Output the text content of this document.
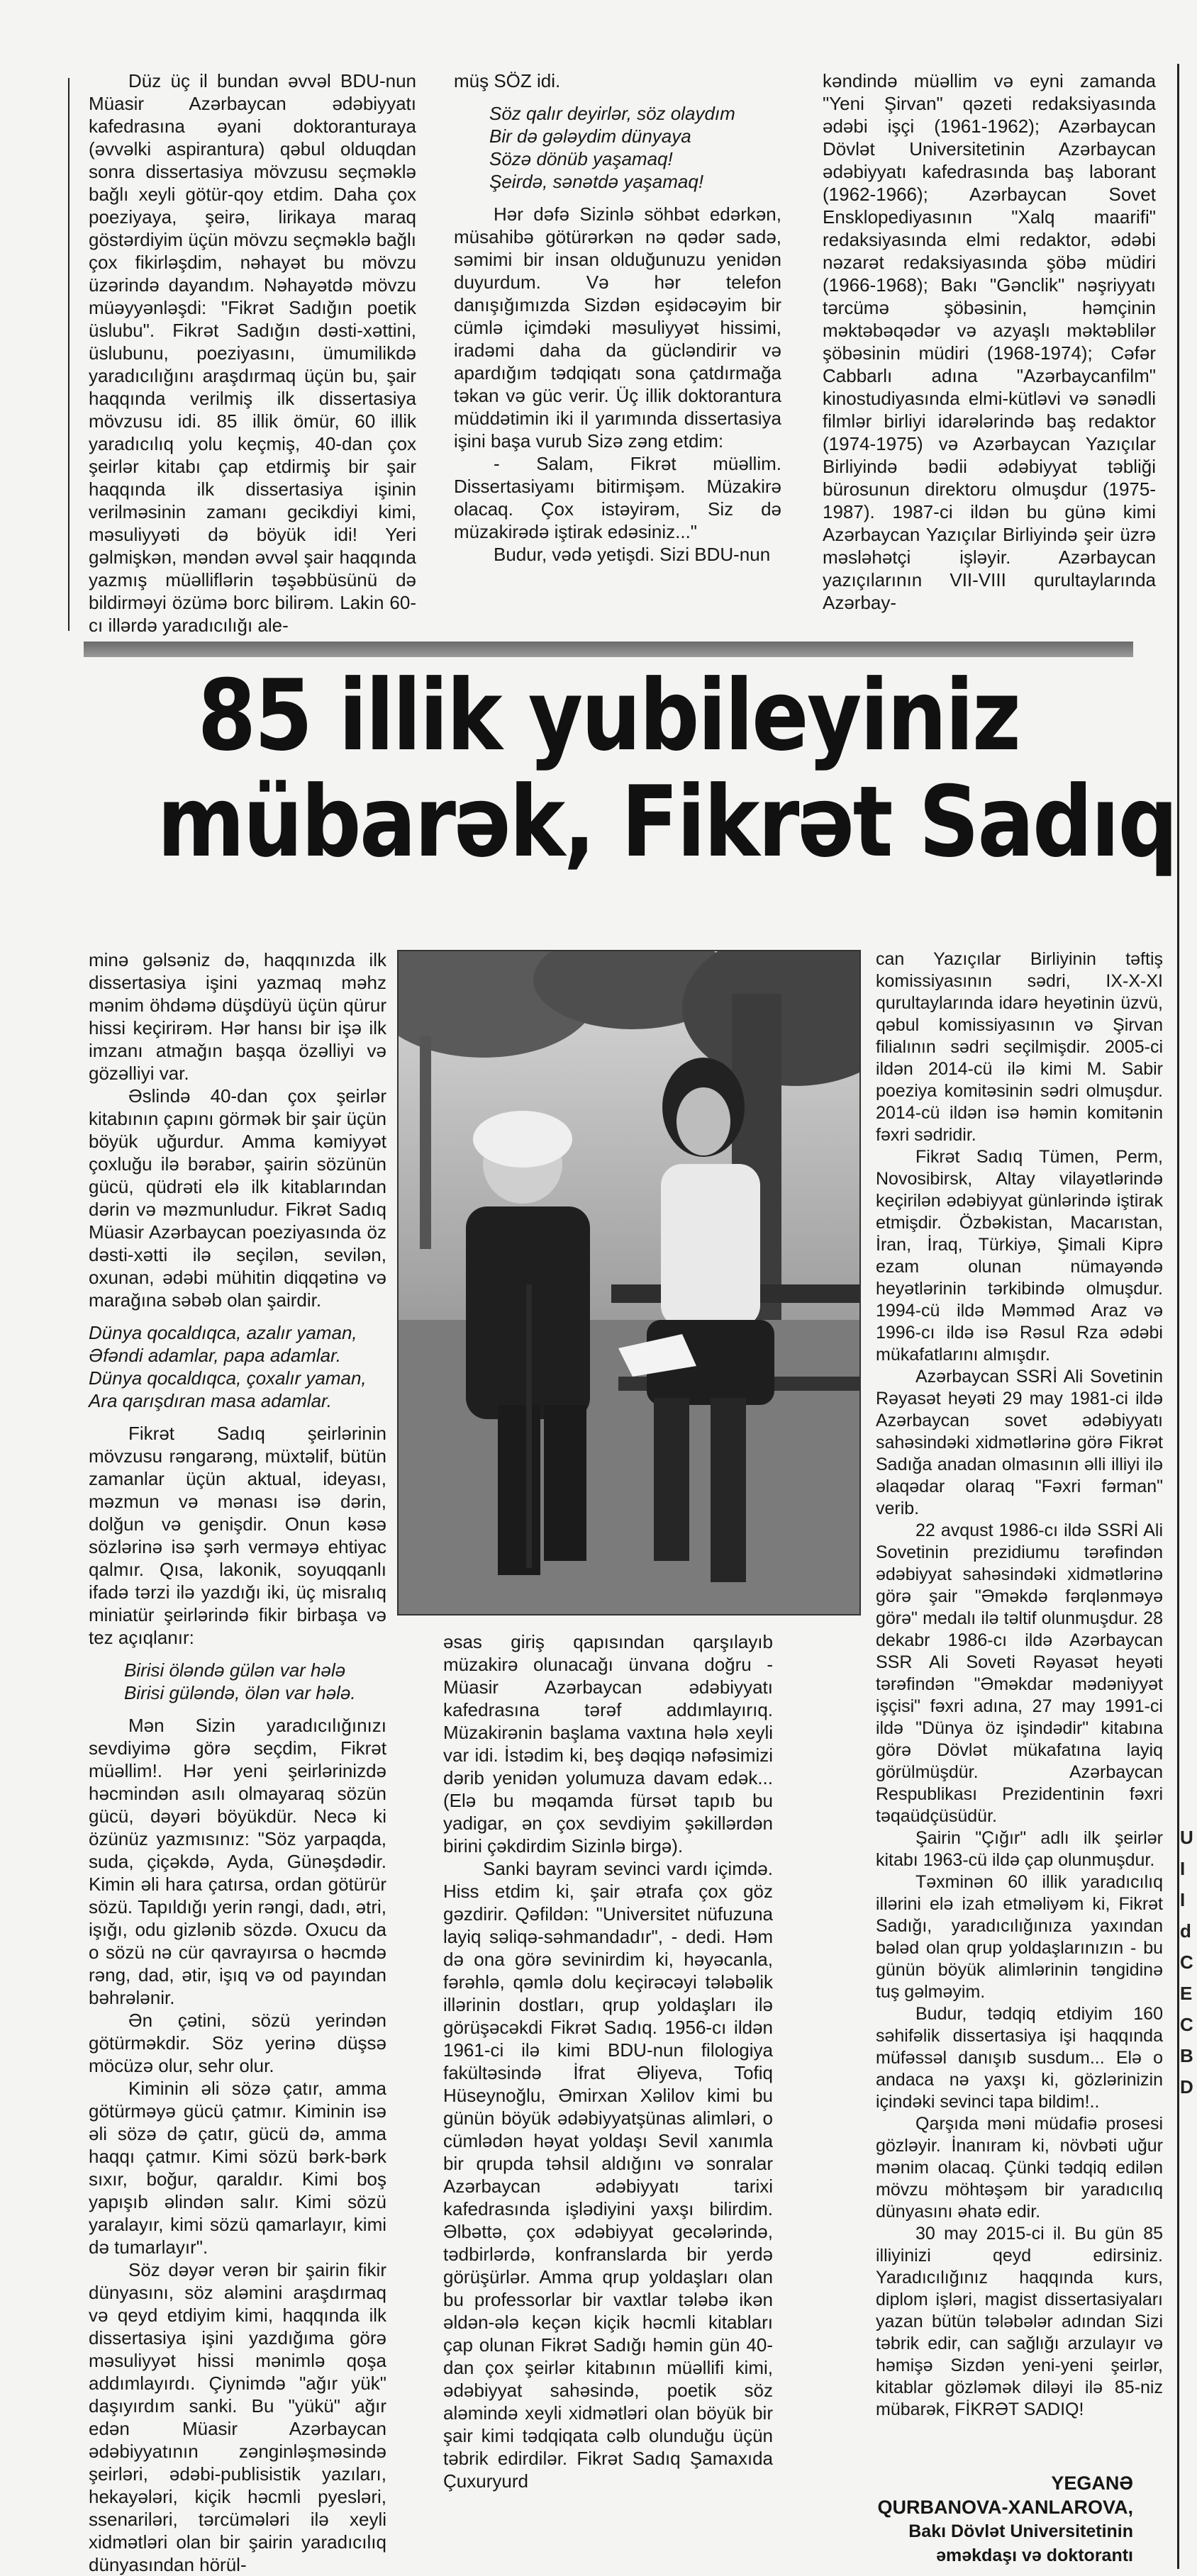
Düz üç il bundan əvvəl BDU-nun Müasir Azərbaycan ədəbiyyatı kafedrasına əyani doktoranturaya (əvvəlki aspirantura) qəbul olduqdan sonra dissertasiya mövzusu seçməklə bağlı xeyli götür-qoy etdim. Daha çox poeziyaya, şeirə, lirikaya maraq göstərdiyim üçün mövzu seçməklə bağlı çox fikirləşdim, nəhayət bu mövzu üzərində dayandım. Nəhayətdə mövzu müəyyənləşdi: "Fikrət Sadığın poetik üslubu". Fikrət Sadığın dəsti-xəttini, üslubunu, poeziyasını, ümumilikdə yaradıcılığını araşdırmaq üçün bu, şair haqqında verilmiş ilk dissertasiya mövzusu idi. 85 illik ömür, 60 illik yaradıcılıq yolu keçmiş, 40-dan çox şeirlər kitabı çap etdirmiş bir şair haqqında ilk dissertasiya işinin verilməsinin zamanı gecikdiyi kimi, məsuliyyəti də böyük idi! Yeri gəlmişkən, məndən əvvəl şair haqqında yazmış müəlliflərin təşəbbüsünü də bildirməyi özümə borc bilirəm. Lakin 60-cı illərdə yaradıcılığı ale-

müş SÖZ idi.

Söz qalır deyirlər, söz olaydım

Bir də gələydim dünyaya

Sözə dönüb yaşamaq!

Şeirdə, sənətdə yaşamaq!

Hər dəfə Sizinlə söhbət edərkən, müsahibə götürərkən nə qədər sadə, səmimi bir insan olduğunuzu yenidən duyurdum. Və hər telefon danışığımızda Sizdən eşidəcəyim bir cümlə içimdəki məsuliyyət hissimi, iradəmi daha da gücləndirir və apardığım tədqiqatı sona çatdırmağa təkan və güc verir. Üç illik doktorantura müddətimin iki il yarımında dissertasiya işini başa vurub Sizə zəng etdim:

- Salam, Fikrət müəllim. Dissertasiyamı bitirmişəm. Müzakirə olacaq. Çox istəyirəm, Siz də müzakirədə iştirak edəsiniz..."

Budur, vədə yetişdi. Sizi BDU-nun

kəndində müəllim və eyni zamanda "Yeni Şirvan" qəzeti redaksiyasında ədəbi işçi (1961-1962); Azərbaycan Dövlət Universitetinin Azərbaycan ədəbiyyatı kafedrasında baş laborant (1962-1966); Azərbaycan Sovet Ensklopediyasının "Xalq maarifi" redaksiyasında elmi redaktor, ədəbi nəzarət redaksiyasında şöbə müdiri (1966-1968); Bakı "Gənclik" nəşriyyatı tərcümə şöbəsinin, həmçinin məktəbəqədər və azyaşlı məktəblilər şöbəsinin müdiri (1968-1974); Cəfər Cabbarlı adına "Azərbaycanfilm" kinostudiyasında elmi-kütləvi və sənədli filmlər birliyi idarələrində baş redaktor (1974-1975) və Azərbaycan Yazıçılar Birliyində bədii ədəbiyyat təbliği bürosunun direktoru olmuşdur (1975-1987). 1987-ci ildən bu günə kimi Azərbaycan Yazıçılar Birliyində şeir üzrə məsləhətçi işləyir. Azərbaycan yazıçılarının VII-VIII qurultaylarında Azərbay-

85 illik yubileyiniz
mübarək, Fikrət Sadıq

minə gəlsəniz də, haqqınızda ilk dissertasiya işini yazmaq məhz mənim öhdəmə düşdüyü üçün qürur hissi keçirirəm. Hər hansı bir işə ilk imzanı atmağın başqa özəlliyi və gözəlliyi var.

Əslində 40-dan çox şeirlər kitabının çapını görmək bir şair üçün böyük uğurdur. Amma kəmiyyət çoxluğu ilə bərabər, şairin sözünün gücü, qüdrəti elə ilk kitablarından dərin və məzmunludur. Fikrət Sadıq Müasir Azərbaycan poeziyasında öz dəsti-xətti ilə seçilən, sevilən, oxunan, ədəbi mühitin diqqətinə və marağına səbəb olan şairdir.

Dünya qocaldıqca, azalır yaman,

Əfəndi adamlar, papa adamlar.

Dünya qocaldıqca, çoxalır yaman,

Ara qarışdıran masa adamlar.

Fikrət Sadıq şeirlərinin mövzusu rəngarəng, müxtəlif, bütün zamanlar üçün aktual, ideyası, məzmun və mənası isə dərin, dolğun və genişdir. Onun kəsə sözlərinə isə şərh verməyə ehtiyac qalmır. Qısa, lakonik, soyuqqanlı ifadə tərzi ilə yazdığı iki, üç misralıq miniatür şeirlərində fikir birbaşa və tez açıqlanır:

Birisi öləndə gülən var hələ

Birisi güləndə, ölən var hələ.

Mən Sizin yaradıcılığınızı sevdiyimə görə seçdim, Fikrət müəllim!. Hər yeni şeirlərinizdə həcmindən asılı olmayaraq sözün gücü, dəyəri böyükdür. Necə ki özünüz yazmısınız: "Söz yarpaqda, suda, çiçəkdə, Ayda, Günəşdədir. Kimin əli hara çatırsa, ordan götürür sözü. Tapıldığı yerin rəngi, dadı, ətri, işığı, odu gizlənib sözdə. Oxucu da o sözü nə cür qavrayırsa o həcmdə rəng, dad, ətir, işıq və od payından bəhrələnir.

Ən çətini, sözü yerindən götürməkdir. Söz yerinə düşsə möcüzə olur, sehr olur.

Kiminin əli sözə çatır, amma götürməyə gücü çatmır. Kiminin isə əli sözə də çatır, gücü də, amma haqqı çatmır. Kimi sözü bərk-bərk sıxır, boğur, qaraldır. Kimi boş yapışıb əlindən salır. Kimi sözü yaralayır, kimi sözü qamarlayır, kimi də tumarlayır".

Söz dəyər verən bir şairin fikir dünyasını, söz aləmini araşdırmaq və qeyd etdiyim kimi, haqqında ilk dissertasiya işini yazdığıma görə məsuliyyət hissi mənimlə qoşa addımlayırdı. Çiynimdə "ağır yük" daşıyırdım sanki. Bu "yükü" ağır edən Müasir Azərbaycan ədəbiyyatının zənginləşməsində şeirləri, ədəbi-publisistik yazıları, hekayələri, kiçik həcmli pyesləri, ssenariləri, tərcümələri ilə xeyli xidmətləri olan bir şairin yaradıcılıq dünyasından hörül-

əsas giriş qapısından qarşılayıb müzakirə olunacağı ünvana doğru - Müasir Azərbaycan ədəbiyyatı kafedrasına tərəf addımlayırıq. Müzakirənin başlama vaxtına hələ xeyli var idi. İstədim ki, beş dəqiqə nəfəsimizi dərib yenidən yolumuza davam edək... (Elə bu məqamda fürsət tapıb bu yadigar, ən çox sevdiyim şəkillərdən birini çəkdirdim Sizinlə birgə).

Sanki bayram sevinci vardı içimdə. Hiss etdim ki, şair ətrafa çox göz gəzdirir. Qəfildən: "Universitet nüfuzuna layiq səliqə-səhmandadır", - dedi. Həm də ona görə sevinirdim ki, həyəcanla, fərəhlə, qəmlə dolu keçirəcəyi tələbəlik illərinin dostları, qrup yoldaşları ilə görüşəcəkdi Fikrət Sadıq. 1956-cı ildən 1961-ci ilə kimi BDU-nun filologiya fakültəsində İfrat Əliyeva, Tofiq Hüseynoğlu, Əmirxan Xəlilov kimi bu günün böyük ədəbiyyatşünas alimləri, o cümlədən həyat yoldaşı Sevil xanımla bir qrupda təhsil aldığını və sonralar Azərbaycan ədəbiyyatı tarixi kafedrasında işlədiyini yaxşı bilirdim. Əlbəttə, çox ədəbiyyat gecələrində, tədbirlərdə, konfranslarda bir yerdə görüşürlər. Amma qrup yoldaşları olan bu professorlar bir vaxtlar tələbə ikən əldən-ələ keçən kiçik həcmli kitabları çap olunan Fikrət Sadığı həmin gün 40-dan çox şeirlər kitabının müəllifi kimi, ədəbiyyat sahəsində, poetik söz aləmində xeyli xidmətləri olan böyük bir şair kimi tədqiqata cəlb olunduğu üçün təbrik edirdilər. Fikrət Sadıq Şamaxıda Çuxuryurd

can Yazıçılar Birliyinin təftiş komissiyasının sədri, IX-X-XI qurultaylarında idarə heyətinin üzvü, qəbul komissiyasının və Şirvan filialının sədri seçilmişdir. 2005-ci ildən 2014-cü ilə kimi M. Sabir poeziya komitəsinin sədri olmuşdur. 2014-cü ildən isə həmin komitənin fəxri sədridir.

Fikrət Sadıq Tümen, Perm, Novosibirsk, Altay vilayətlərində keçirilən ədəbiyyat günlərində iştirak etmişdir. Özbəkistan, Macarıstan, İran, İraq, Türkiyə, Şimali Kiprə ezam olunan nümayəndə heyətlərinin tərkibində olmuşdur. 1994-cü ildə Məmməd Araz və 1996-cı ildə isə Rəsul Rza ədəbi mükafatlarını almışdır.

Azərbaycan SSRİ Ali Sovetinin Rəyasət heyəti 29 may 1981-ci ildə Azərbaycan sovet ədəbiyyatı sahəsindəki xidmətlərinə görə Fikrət Sadığa anadan olmasının əlli illiyi ilə əlaqədar olaraq "Fəxri fərman" verib.

22 avqust 1986-cı ildə SSRİ Ali Sovetinin prezidiumu tərəfindən ədəbiyyat sahəsindəki xidmətlərinə görə şair "Əməkdə fərqlənməyə görə" medalı ilə təltif olunmuşdur. 28 dekabr 1986-cı ildə Azərbaycan SSR Ali Soveti Rəyasət heyəti tərəfindən "Əməkdar mədəniyyət işçisi" fəxri adına, 27 may 1991-ci ildə "Dünya öz işindədir" kitabına görə Dövlət mükafatına layiq görülmüşdür. Azərbaycan Respublikası Prezidentinin fəxri təqaüdçüsüdür.

Şairin "Çığır" adlı ilk şeirlər kitabı 1963-cü ildə çap olunmuşdur.

Təxminən 60 illik yaradıcılıq illərini elə izah etməliyəm ki, Fikrət Sadığı, yaradıcılığınıza yaxından bələd olan qrup yoldaşlarınızın - bu günün böyük alimlərinin təngidinə tuş gəlməyim.

Budur, tədqiq etdiyim 160 səhifəlik dissertasiya işi haqqında müfəssəl danışıb susdum... Elə o andaca nə yaxşı ki, gözlərinizin içindəki sevinci tapa bildim!..

Qarşıda məni müdafiə prosesi gözləyir. İnanıram ki, növbəti uğur mənim olacaq. Çünki tədqiq edilən mövzu möhtəşəm bir yaradıcılıq dünyasını əhatə edir.

30 may 2015-ci il. Bu gün 85 illiyinizi qeyd edirsiniz. Yaradıcılığınız haqqında kurs, diplom işləri, magist dissertasiyaları yazan bütün tələbələr adından Sizi təbrik edir, can sağlığı arzulayır və həmişə Sizdən yeni-yeni şeirlər, kitablar gözləmək diləyi ilə 85-niz mübarək, FİKRƏT SADIQ!

YEGANƏ
QURBANOVA-XANLAROVA,
Bakı Dövlət Universitetinin
əməkdaşı və doktorantı
U
I
I
d
C
E
C
B
D
